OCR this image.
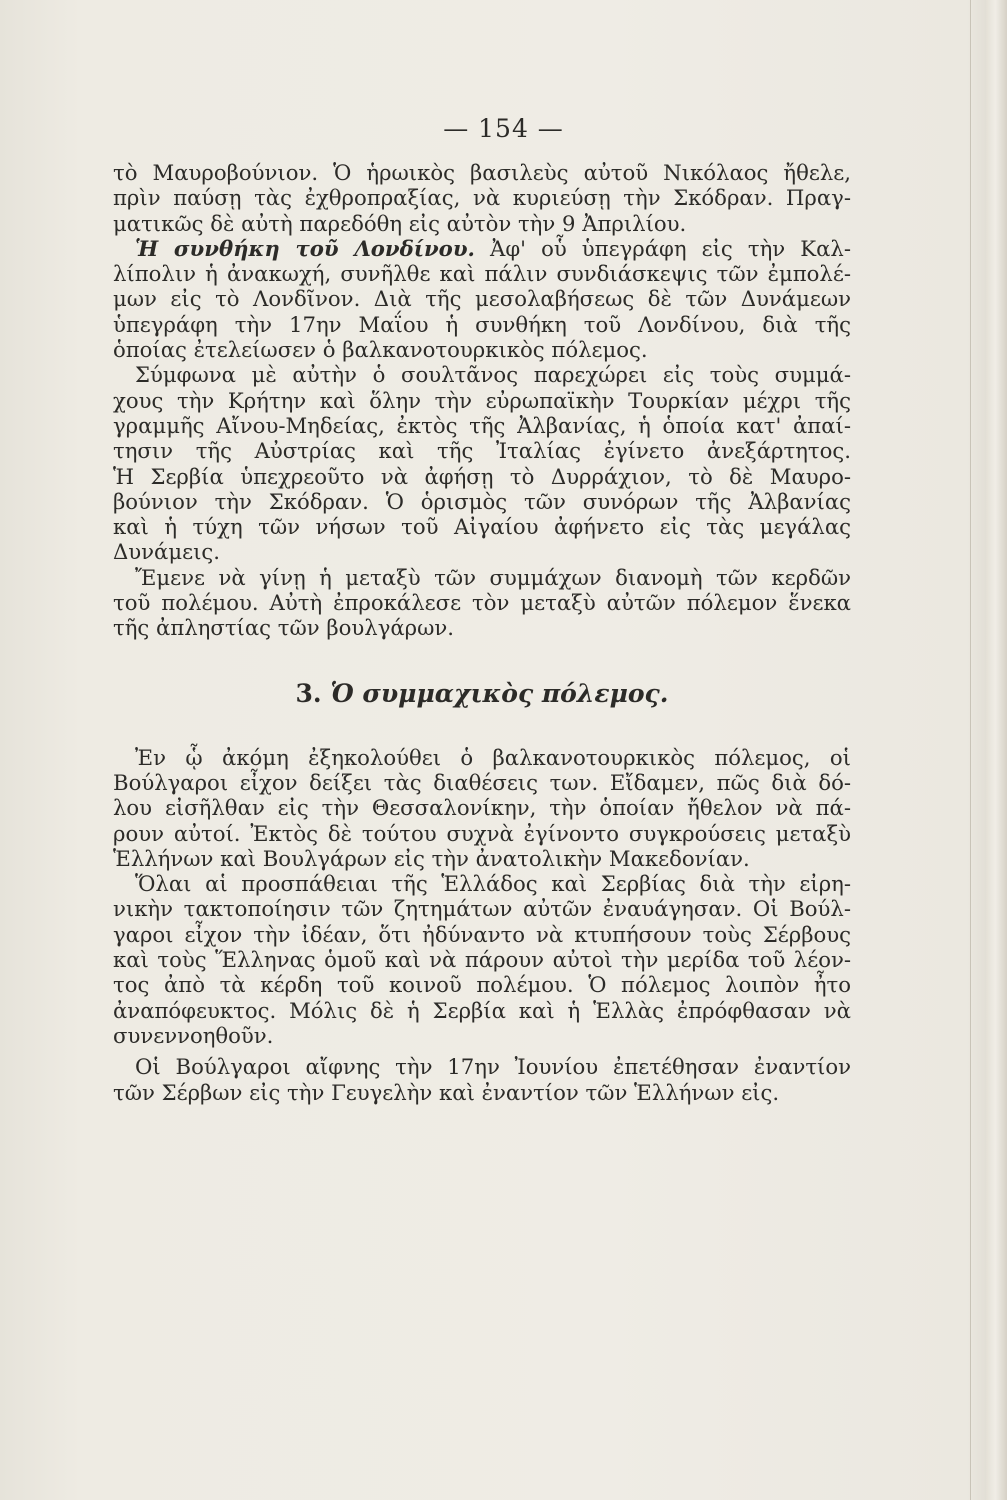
— 154 —
τὸ Μαυροβούνιον. Ὁ ἡρωικὸς βασιλεὺς αὐτοῦ Νικόλαος ἤθελε,
πρὶν παύσῃ τὰς ἐχθροπραξίας, νὰ κυριεύσῃ τὴν Σκόδραν. Πραγ-
ματικῶς δὲ αὐτὴ παρεδόθη εἰς αὐτὸν τὴν 9 Ἀπριλίου.
Ἡ συνθήκη τοῦ Λονδίνου. Ἀφ' οὗ ὑπεγράφη εἰς τὴν Καλ-
λίπολιν ἡ ἀνακωχή, συνῆλθε καὶ πάλιν συνδιάσκεψις τῶν ἐμπολέ-
μων εἰς τὸ Λονδῖνον. Διὰ τῆς μεσολαβήσεως δὲ τῶν Δυνάμεων
ὑπεγράφη τὴν 17ην Μαΐου ἡ συνθήκη τοῦ Λονδίνου, διὰ τῆς
ὁποίας ἐτελείωσεν ὁ βαλκανοτουρκικὸς πόλεμος.
Σύμφωνα μὲ αὐτὴν ὁ σουλτᾶνος παρεχώρει εἰς τοὺς συμμά-
χους τὴν Κρήτην καὶ ὅλην τὴν εὐρωπαϊκὴν Τουρκίαν μέχρι τῆς
γραμμῆς Αἴνου-Μηδείας, ἐκτὸς τῆς Ἀλβανίας, ἡ ὁποία κατ' ἀπαί-
τησιν τῆς Αὐστρίας καὶ τῆς Ἰταλίας ἐγίνετο ἀνεξάρτητος.
Ἡ Σερβία ὑπεχρεοῦτο νὰ ἀφήσῃ τὸ Δυρράχιον, τὸ δὲ Μαυρο-
βούνιον τὴν Σκόδραν. Ὁ ὁρισμὸς τῶν συνόρων τῆς Ἀλβανίας
καὶ ἡ τύχη τῶν νήσων τοῦ Αἰγαίου ἀφήνετο εἰς τὰς μεγάλας
Δυνάμεις.
Ἔμενε νὰ γίνῃ ἡ μεταξὺ τῶν συμμάχων διανομὴ τῶν κερδῶν
τοῦ πολέμου. Αὐτὴ ἐπροκάλεσε τὸν μεταξὺ αὐτῶν πόλεμον ἕνεκα
τῆς ἀπληστίας τῶν βουλγάρων.
3. Ὁ συμμαχικὸς πόλεμος.
Ἐν ᾧ ἀκόμη ἐξηκολούθει ὁ βαλκανοτουρκικὸς πόλεμος, οἱ
Βούλγαροι εἶχον δείξει τὰς διαθέσεις των. Εἴδαμεν, πῶς διὰ δό-
λου εἰσῆλθαν εἰς τὴν Θεσσαλονίκην, τὴν ὁποίαν ἤθελον νὰ πά-
ρουν αὐτοί. Ἐκτὸς δὲ τούτου συχνὰ ἐγίνοντο συγκρούσεις μεταξὺ
Ἑλλήνων καὶ Βουλγάρων εἰς τὴν ἀνατολικὴν Μακεδονίαν.
Ὅλαι αἱ προσπάθειαι τῆς Ἑλλάδος καὶ Σερβίας διὰ τὴν εἰρη-
νικὴν τακτοποίησιν τῶν ζητημάτων αὐτῶν ἐναυάγησαν. Οἱ Βούλ-
γαροι εἶχον τὴν ἰδέαν, ὅτι ἠδύναντο νὰ κτυπήσουν τοὺς Σέρβους
καὶ τοὺς Ἕλληνας ὁμοῦ καὶ νὰ πάρουν αὐτοὶ τὴν μερίδα τοῦ λέον-
τος ἀπὸ τὰ κέρδη τοῦ κοινοῦ πολέμου. Ὁ πόλεμος λοιπὸν ἦτο
ἀναπόφευκτος. Μόλις δὲ ἡ Σερβία καὶ ἡ Ἑλλὰς ἐπρόφθασαν νὰ
συνεννοηθοῦν.
Οἱ Βούλγαροι αἴφνης τὴν 17ην Ἰουνίου ἐπετέθησαν ἐναντίον
τῶν Σέρβων εἰς τὴν Γευγελὴν καὶ ἐναντίον τῶν Ἑλλήνων εἰς.
